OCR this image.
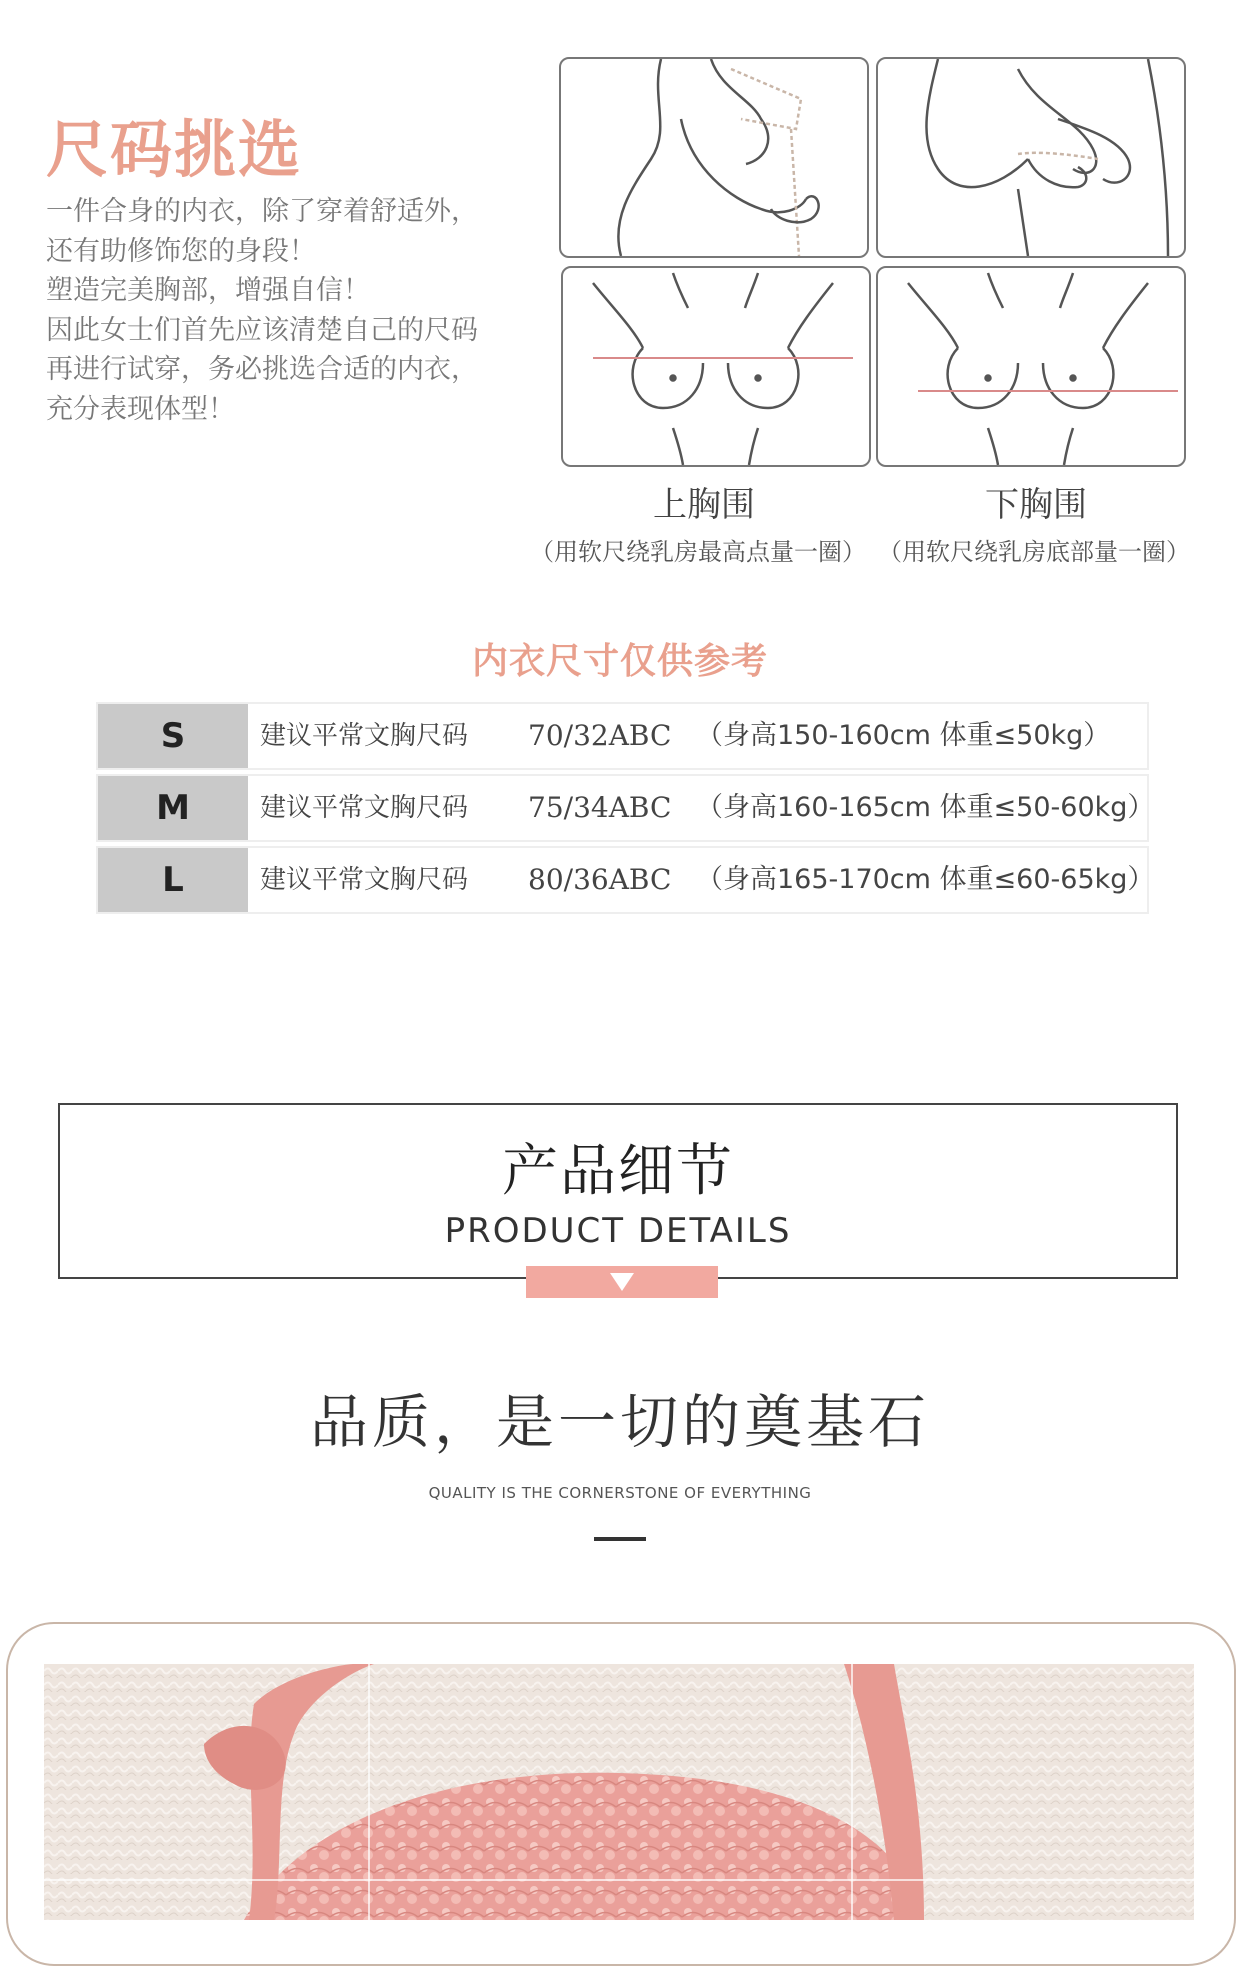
尺码挑选
一件合身的内衣，除了穿着舒适外，
还有助修饰您的身段！
塑造完美胸部，增强自信！
因此女士们首先应该清楚自己的尺码
再进行试穿，务必挑选合适的内衣，
充分表现体型！
上胸围	下胸围
（用软尺绕乳房最高点量一圈） （用软尺绕乳房底部量一圈）
内衣尺寸仅供参考
S	建议平常文胸尺码 70/32ABC （身高150-160cm 体重≤50kg）
M	建议平常文胸尺码 75/34ABC （身高160-165cm 体重≤50-60kg）
L	建议平常文胸尺码 80/36ABC （身高165-170cm 体重≤60-65kg）
产品细节
PRODUCT DETAILS
品质，是一切的奠基石
QUALITY IS THE CORNERSTONE OF EVERYTHING
